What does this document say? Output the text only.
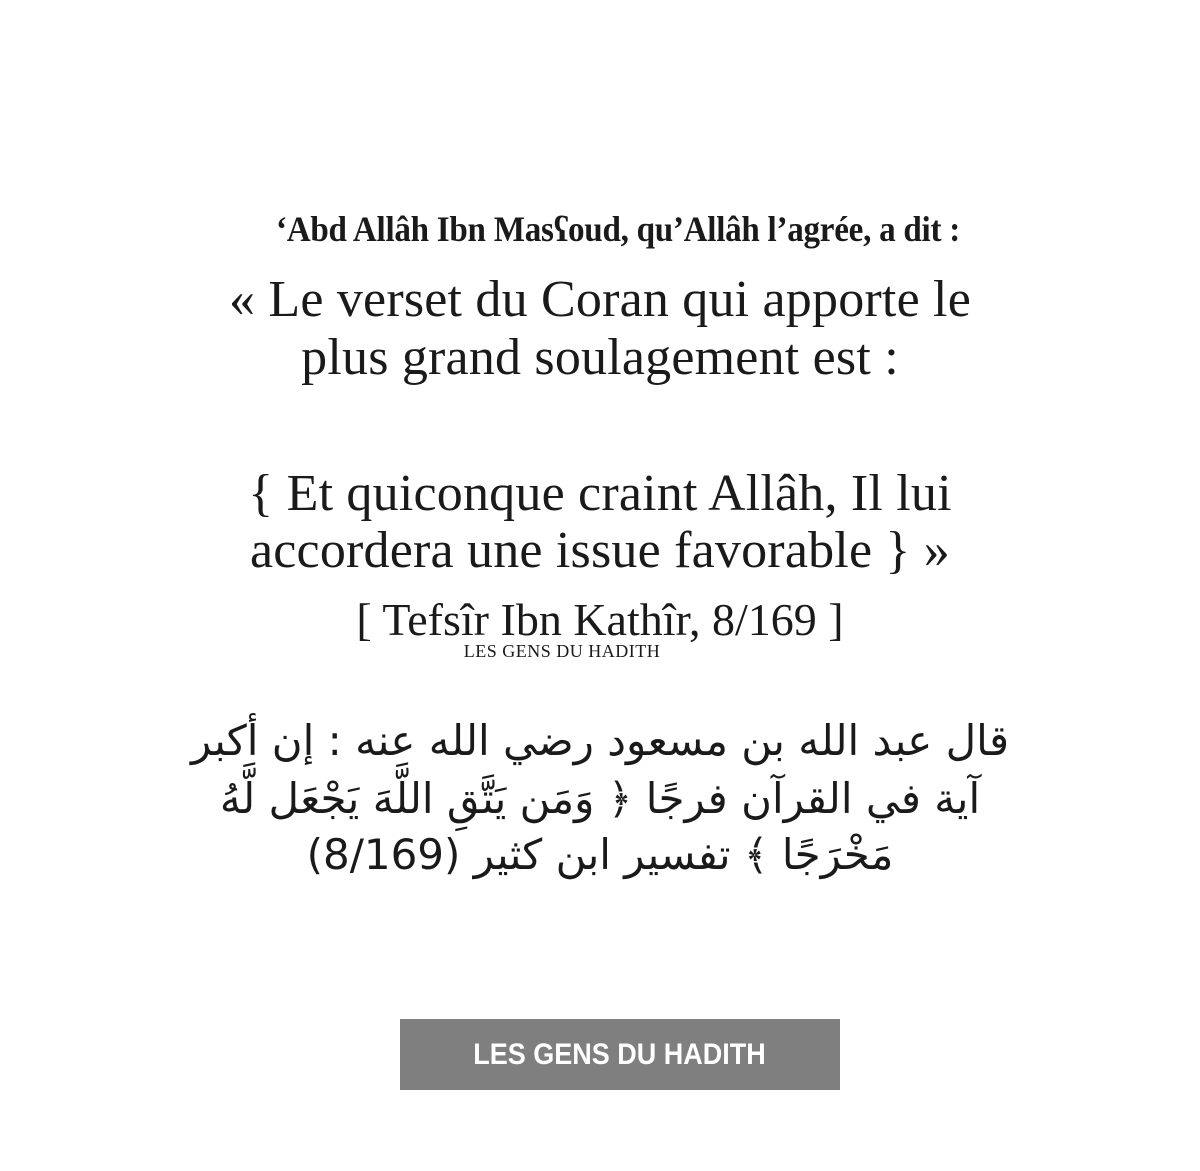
‘Abd Allâh Ibn Masʕoud, qu’Allâh l’agrée, a dit :

« Le verset du Coran qui apporte le

plus grand soulagement est :

{ Et quiconque craint Allâh, Il lui

accordera une issue favorable } »

[ Tefsîr Ibn Kathîr, 8/169 ]

LES GENS DU HADITH

قال عبد الله بن مسعود رضي الله عنه : إن أكبر

آية في القرآن فرجًا ﴿ وَمَن يَتَّقِ اللَّهَ يَجْعَل لَّهُ

مَخْرَجًا ﴾ تفسير ابن كثير (8/169)

LES GENS DU HADITH
